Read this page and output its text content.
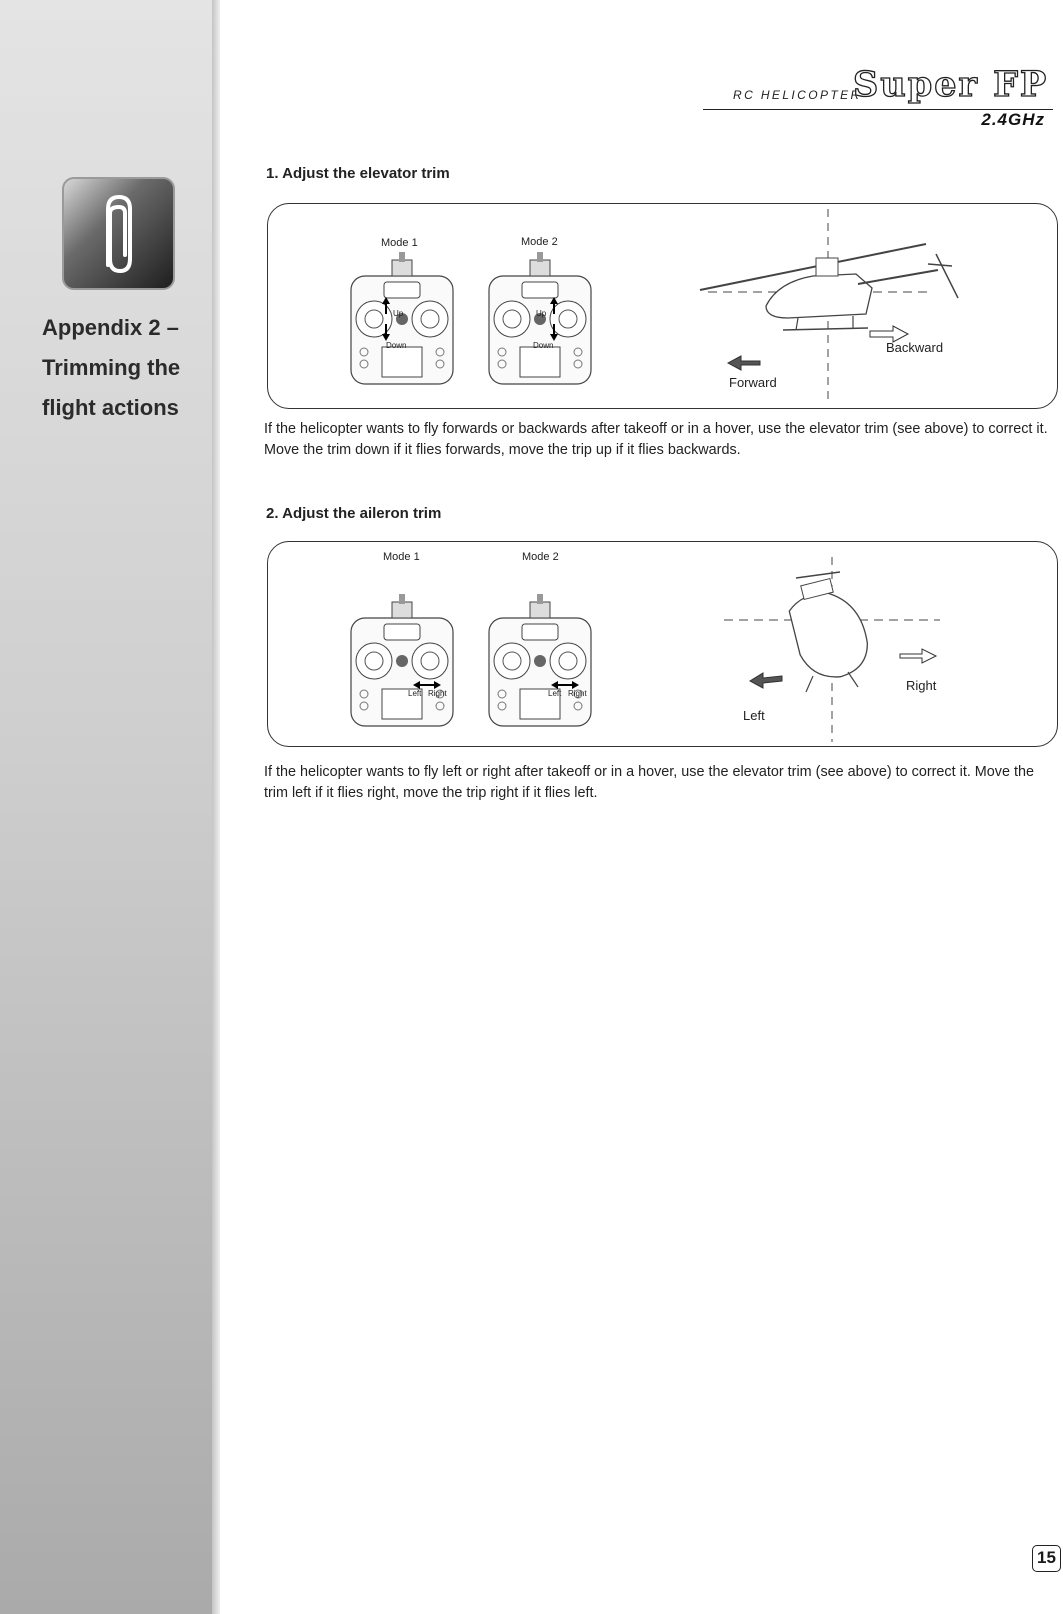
Appendix 2 –
Trimming the
flight actions
RC HELICOPTER
Super FP
2.4GHz
1. Adjust the elevator trim
Mode 1	Mode 2
Up
Down
Up
Down
Forward
Backward
If the helicopter wants to fly forwards or backwards after takeoff or in a hover, use the elevator trim (see above) to correct it. Move the trim down if it flies forwards, move the trip up if it flies backwards.
2. Adjust the aileron trim
Mode 1	Mode 2
Left Right	Left Right
Left
Right
If the helicopter wants to fly left or right after takeoff or in a hover, use the elevator trim (see above) to correct it. Move the trim left if it flies right, move the trip right if it flies left.
15
